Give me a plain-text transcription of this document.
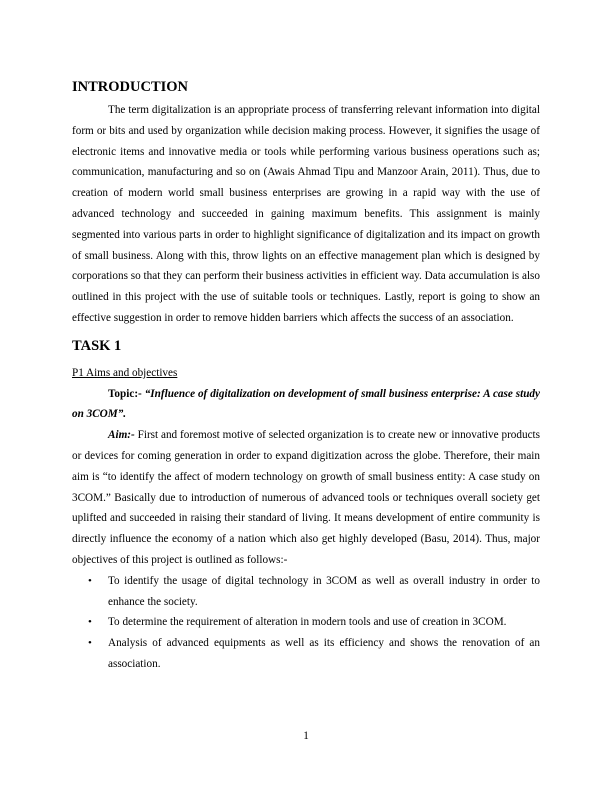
INTRODUCTION

The term digitalization is an appropriate process of transferring relevant information into digital form or bits and used by organization while decision making process. However, it signifies the usage of electronic items and innovative media or tools while performing various business operations such as; communication, manufacturing and so on (Awais Ahmad Tipu and Manzoor Arain, 2011). Thus, due to creation of modern world small business enterprises are growing in a rapid way with the use of advanced technology and succeeded in gaining maximum benefits. This assignment is mainly segmented into various parts in order to highlight significance of digitalization and its impact on growth of small business. Along with this, throw lights on an effective management plan which is designed by corporations so that they can perform their business activities in efficient way. Data accumulation is also outlined in this project with the use of suitable tools or techniques. Lastly, report is going to show an effective suggestion in order to remove hidden barriers which affects the success of an association.

TASK 1

P1 Aims and objectives

Topic:- “Influence of digitalization on development of small business enterprise: A case study on 3COM”.

Aim:- First and foremost motive of selected organization is to create new or innovative products or devices for coming generation in order to expand digitization across the globe. Therefore, their main aim is “to identify the affect of modern technology on growth of small business entity: A case study on 3COM.” Basically due to introduction of numerous of advanced tools or techniques overall society get uplifted and succeeded in raising their standard of living. It means development of entire community is directly influence the economy of a nation which also get highly developed (Basu, 2014). Thus, major objectives of this project is outlined as follows:-

• To identify the usage of digital technology in 3COM as well as overall industry in order to enhance the society.
• To determine the requirement of alteration in modern tools and use of creation in 3COM.
• Analysis of advanced equipments as well as its efficiency and shows the renovation of an association.
1
